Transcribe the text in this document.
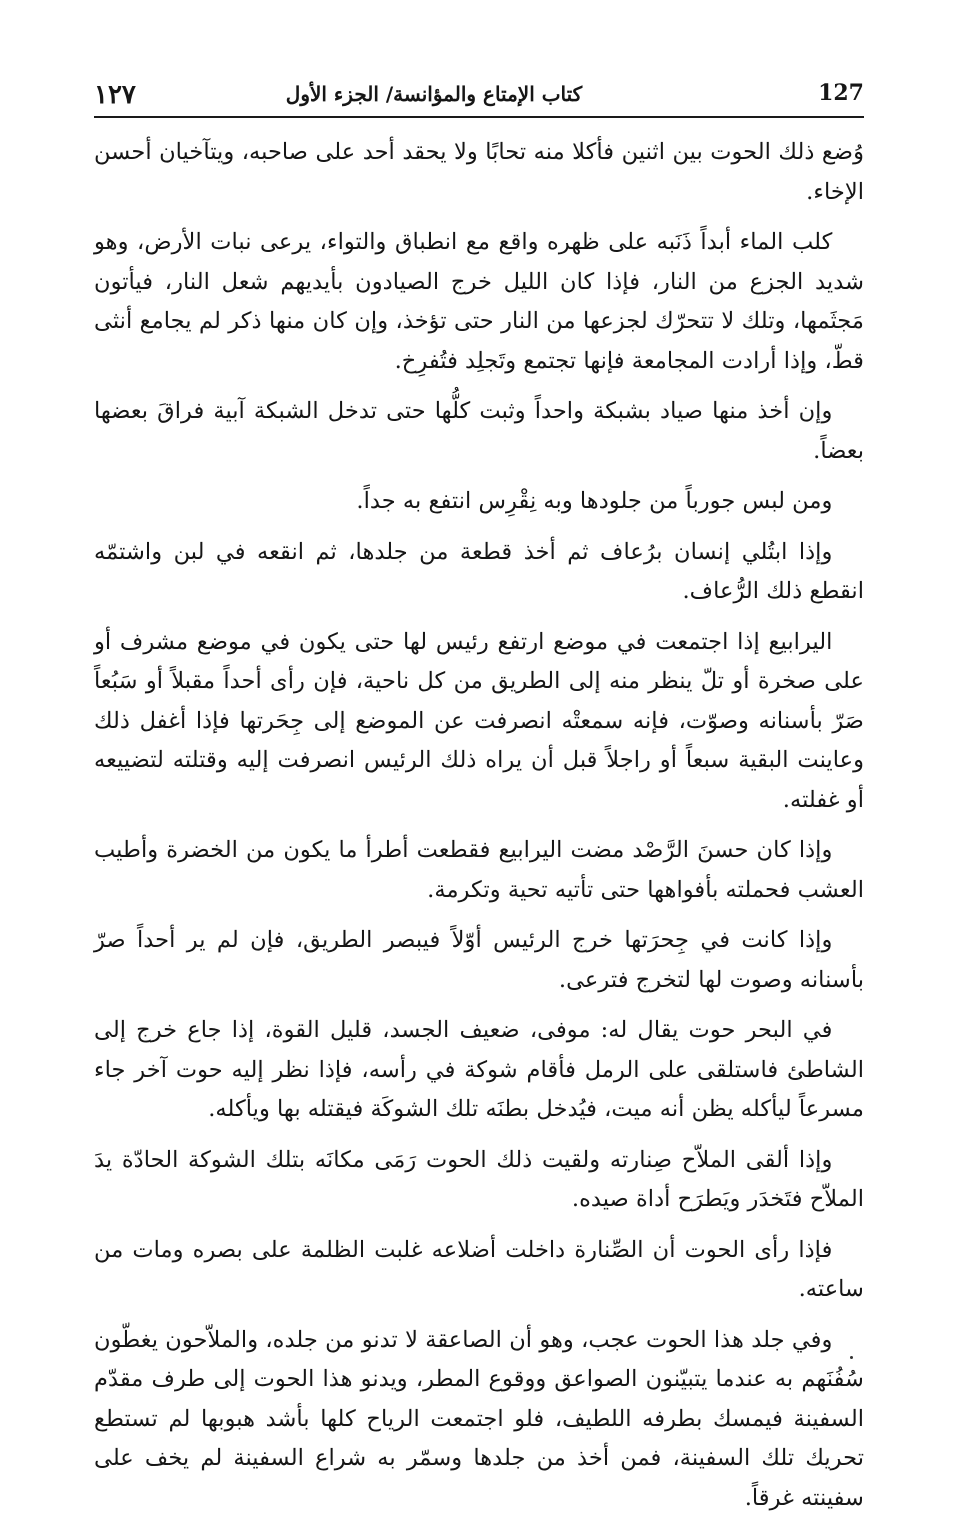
١٢٧	كتاب الإمتاع والمؤانسة/ الجزء الأول	127

وُضع ذلك الحوت بين اثنين فأكلا منه تحابًا ولا يحقد أحد على صاحبه، ويتآخيان أحسن الإخاء.

كلب الماء أبداً ذَنَبه على ظهره واقع مع انطباق والتواء، يرعى نبات الأرض، وهو شديد الجزع من النار، فإذا كان الليل خرج الصيادون بأيديهم شعل النار، فيأتون مَجثَمها، وتلك لا تتحرّك لجزعها من النار حتى تؤخذ، وإن كان منها ذكر لم يجامع أنثى قطّ، وإذا أرادت المجامعة فإنها تجتمع وتَجلِد فتُفرِخ.

وإن أخذ منها صياد بشبكة واحداً وثبت كلُّها حتى تدخل الشبكة آبية فراقَ بعضها بعضاً.

ومن لبس جورباً من جلودها وبه نِقْرِس انتفع به جداً.

وإذا ابتُلي إنسان برُعاف ثم أخذ قطعة من جلدها، ثم انقعه في لبن واشتمّه انقطع ذلك الرُّعاف.

اليرابيع إذا اجتمعت في موضع ارتفع رئيس لها حتى يكون في موضع مشرف أو على صخرة أو تلّ ينظر منه إلى الطريق من كل ناحية، فإن رأى أحداً مقبلاً أو سَبُعاً صَرّ بأسنانه وصوّت، فإنه سمعتْه انصرفت عن الموضع إلى جِحَرتها فإذا أغفل ذلك وعاينت البقية سبعاً أو راجلاً قبل أن يراه ذلك الرئيس انصرفت إليه وقتلته لتضييعه أو غفلته.

وإذا كان حسنَ الرَّصْد مضت اليرابيع فقطعت أطرأ ما يكون من الخضرة وأطيب العشب فحملته بأفواهها حتى تأتيه تحية وتكرمة.

وإذا كانت في جِحرَتها خرج الرئيس أوّلاً فيبصر الطريق، فإن لم ير أحداً صرّ بأسنانه وصوت لها لتخرج فترعى.

في البحر حوت يقال له: موفى، ضعيف الجسد، قليل القوة، إذا جاع خرج إلى الشاطئ فاستلقى على الرمل فأقام شوكة في رأسه، فإذا نظر إليه حوت آخر جاء مسرعاً ليأكله يظن أنه ميت، فيُدخل بطنَه تلك الشوكَة فيقتله بها ويأكله.

وإذا ألقى الملاّح صِنارته ولقيت ذلك الحوت رَمَى مكانَه بتلك الشوكة الحادّة يدَ الملاّح فتَخدَر ويَطرَح أداة صيده.

فإذا رأى الحوت أن الصِّنارة داخلت أضلاعه غلبت الظلمة على بصره ومات من ساعته.

وفي جلد هذا الحوت عجب، وهو أن الصاعقة لا تدنو من جلده، والملاّحون يغطّون سُفُنَهم به عندما يتبيّنون الصواعق ووقوع المطر، ويدنو هذا الحوت إلى طرف مقدّم السفينة فيمسك بطرفه اللطيف، فلو اجتمعت الرياح كلها بأشد هبوبها لم تستطع تحريك تلك السفينة، فمن أخذ من جلدها وسمّر به شراع السفينة لم يخف على سفينته غرقاً.
